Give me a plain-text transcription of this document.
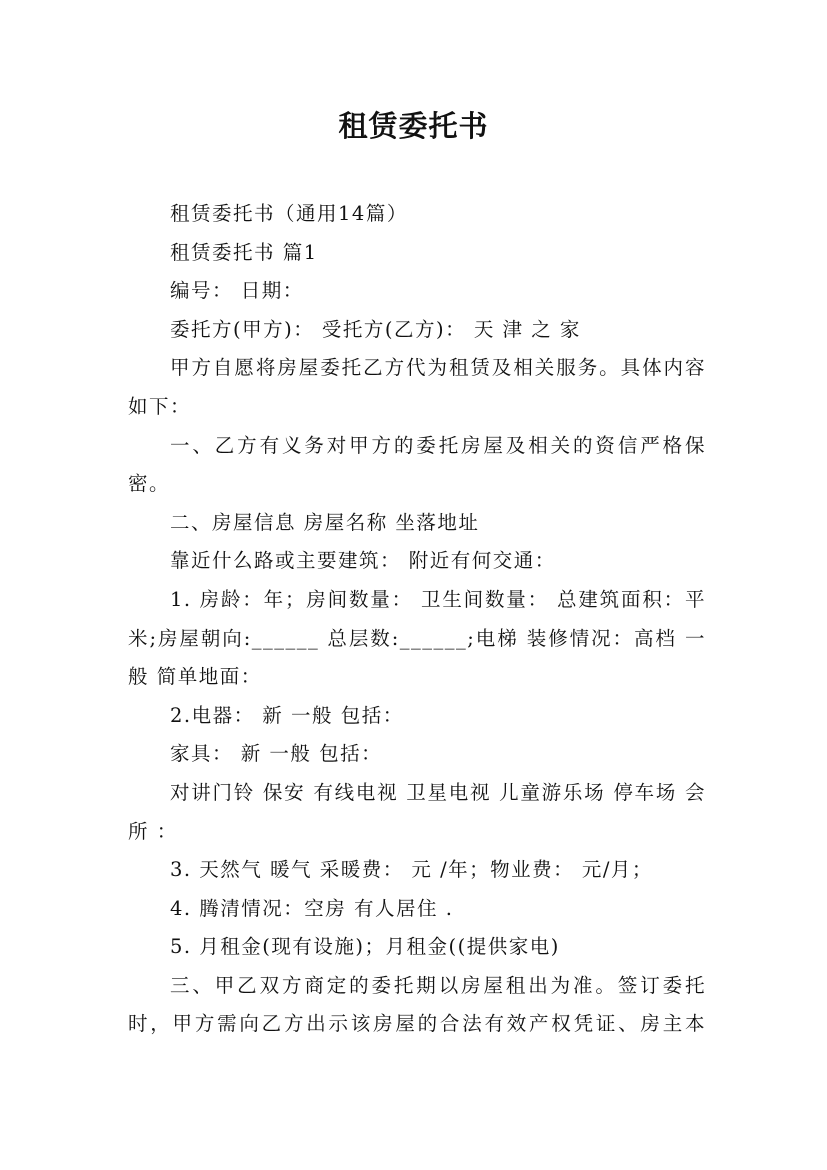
租赁委托书

租赁委托书（通用14篇）

租赁委托书 篇1

编号： 日期：

委托方(甲方)： 受托方(乙方)： 天 津 之 家

甲方自愿将房屋委托乙方代为租赁及相关服务。具体内容如下：

一、乙方有义务对甲方的委托房屋及相关的资信严格保密。

二、房屋信息 房屋名称 坐落地址

靠近什么路或主要建筑： 附近有何交通：

1. 房龄：年；房间数量： 卫生间数量： 总建筑面积：平米;房屋朝向:______ 总层数:______;电梯 装修情况：高档 一般 简单地面：

2.电器： 新 一般 包括：

家具： 新 一般 包括：

对讲门铃 保安 有线电视 卫星电视 儿童游乐场 停车场 会所 ：

3. 天然气 暖气 采暖费： 元 /年；物业费： 元/月；

4. 腾清情况：空房 有人居住 .

5. 月租金(现有设施)；月租金((提供家电)

三、甲乙双方商定的委托期以房屋租出为准。签订委托时，甲方需向乙方出示该房屋的合法有效产权凭证、房主本
